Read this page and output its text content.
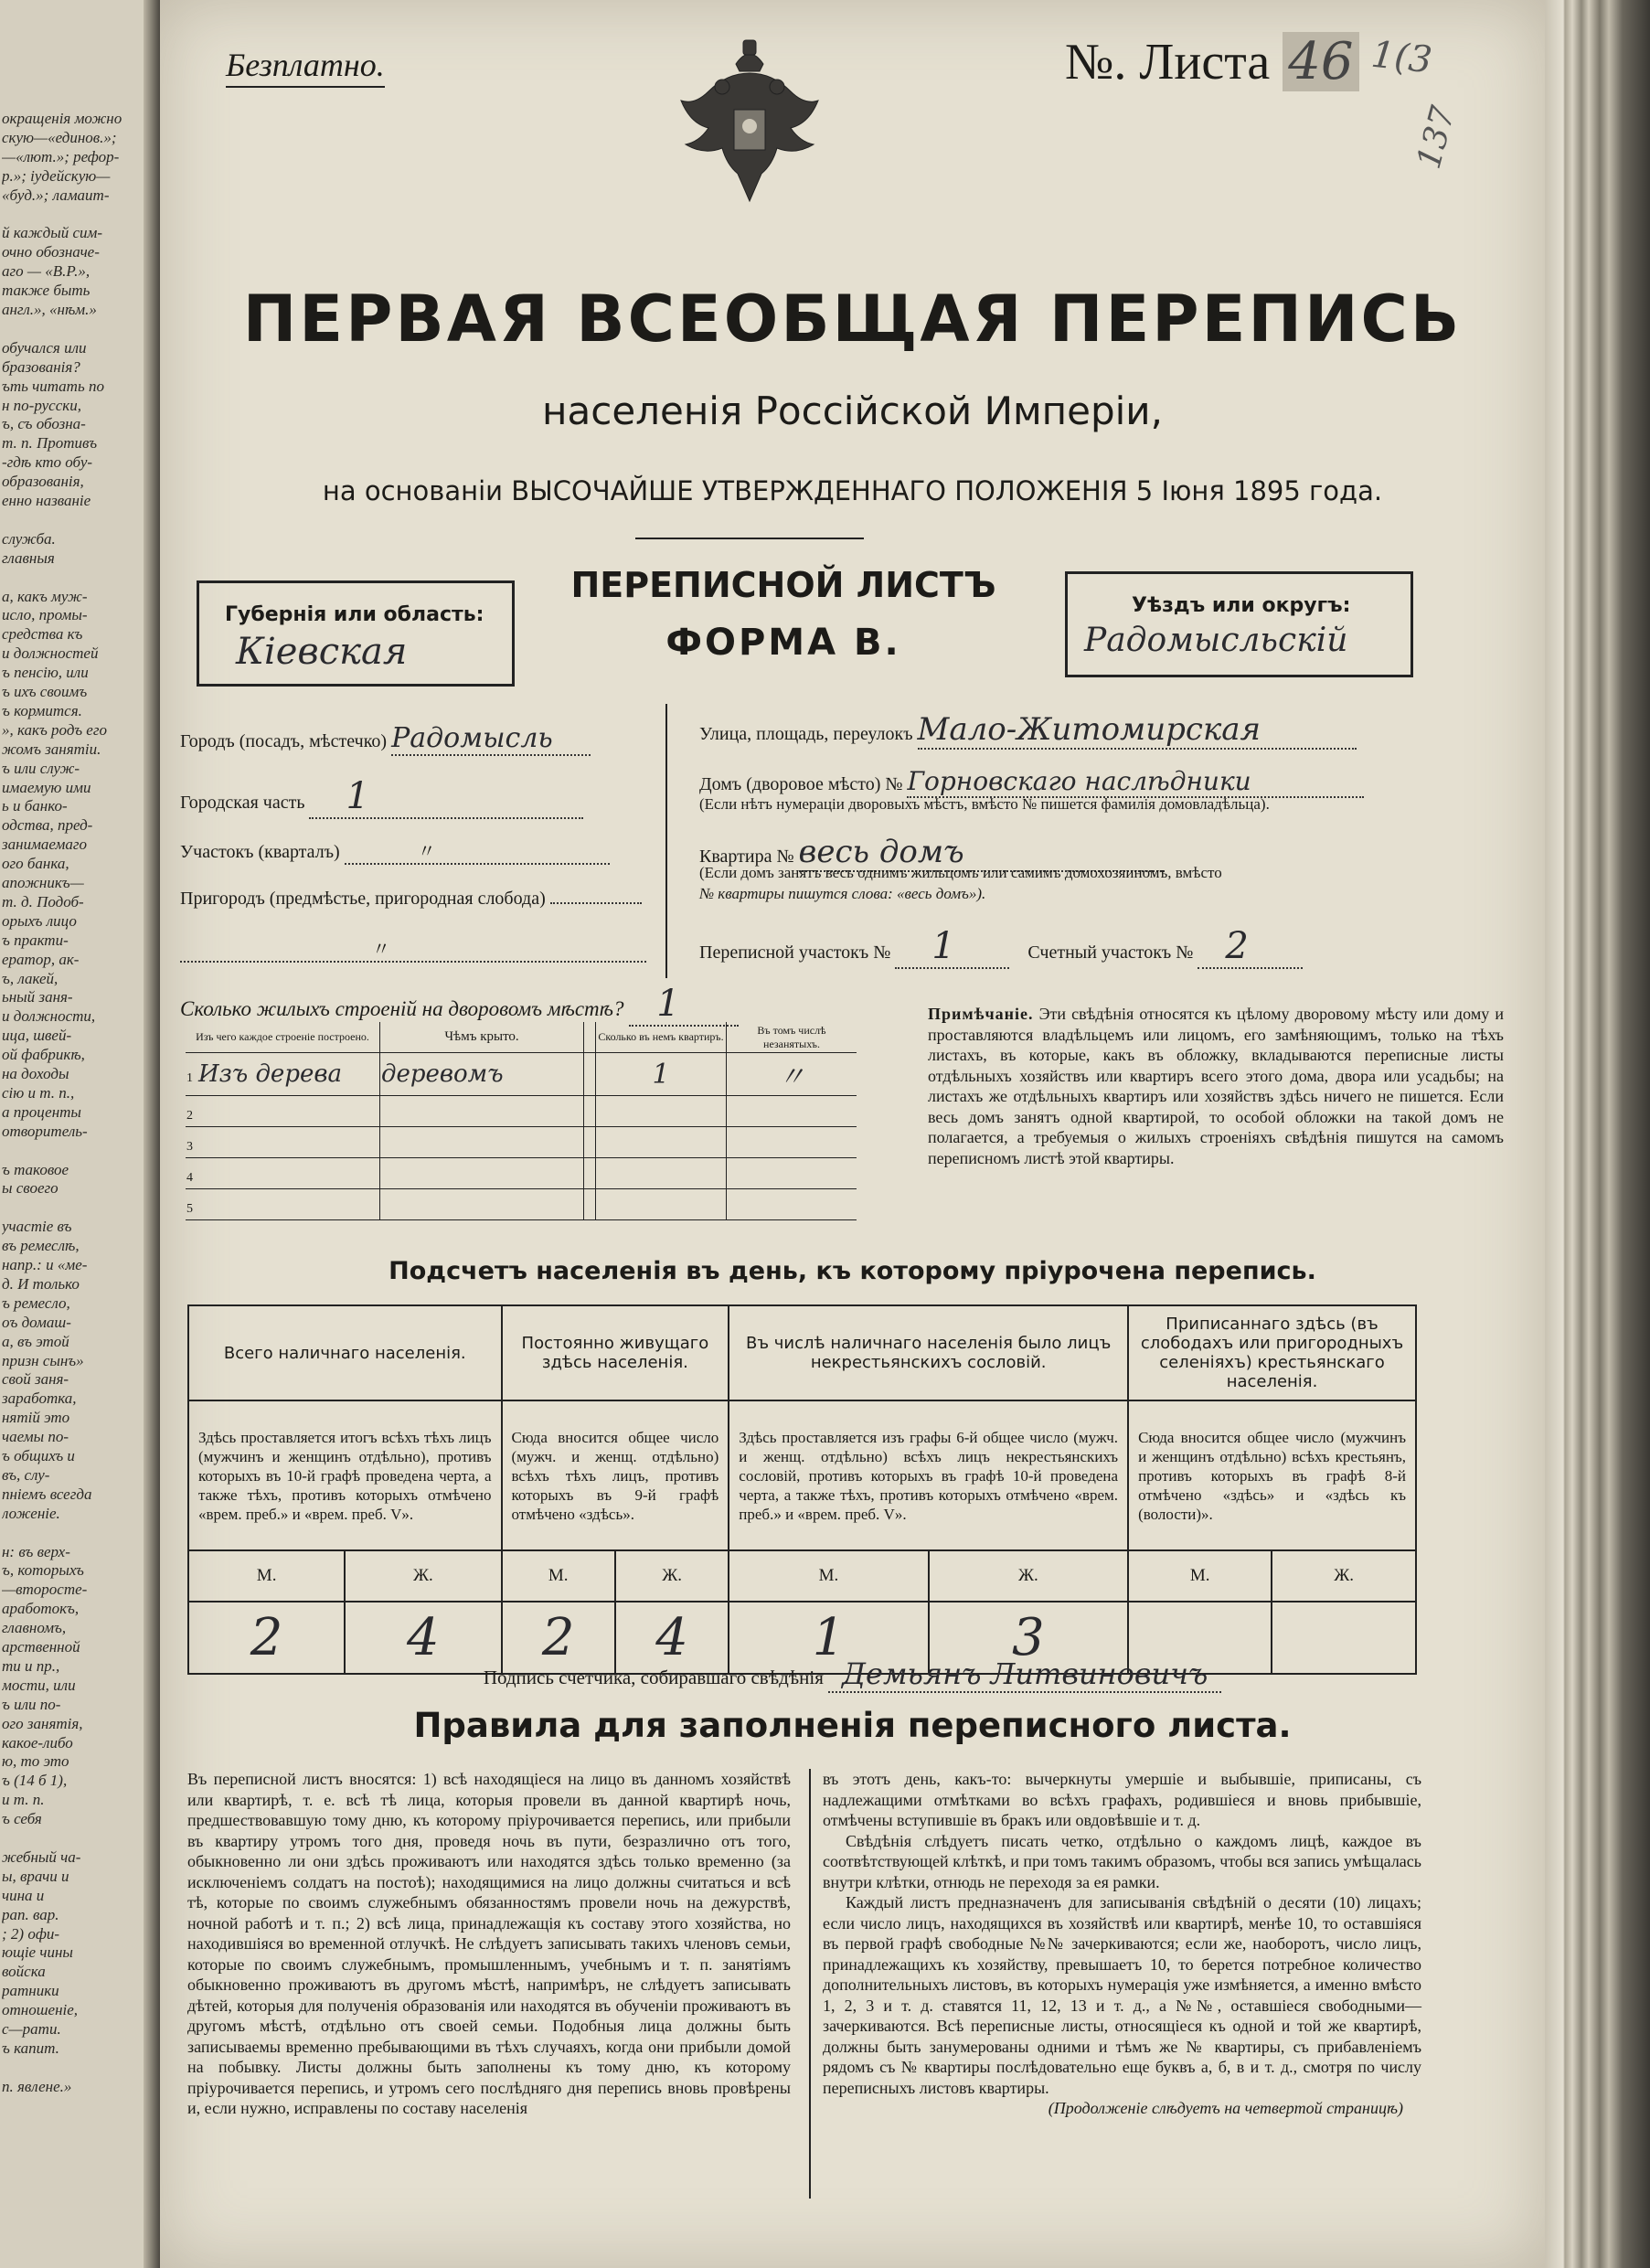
окращенія можно
скую—«единов.»;
—«лют.»; рефор-
р.»; іудейскую—
«буд.»; ламаит-
й каждый сим-
очно обозначе-
аго — «В.Р.»,
также быть
англ.», «нѣм.»
обучался или
бразованія?
ъть читать по
н по-русски,
ъ, съ обозна-
т. п. Противъ
-гдѣ кто обу-
образованія,
енно названіе
служба.
главныя
а, какъ муж-
исло, промы-
средства къ
и должностей
ъ пенсію, или
ъ ихъ своимъ
ъ кормится.
», какъ родъ его
жомъ занятіи.
ъ или служ-
имаемую ими
ь и банко-
одства, пред-
занимаемаго
ого банка,
апожникъ—
т. д. Подоб-
орыхъ лицо
ъ практи-
ератор, ак-
ъ, лакей,
ьный заня-
и должности,
ица, швей-
ой фабрикѣ,
на доходы
сію и т. п.,
а проценты
отворитель-
ъ таковое
ы своего
участіе въ
въ ремеслѣ,
напр.: и «ме-
д. И только
ъ ремесло,
оъ домаш-
а, въ этой
призн сынъ»
свой заня-
заработка,
нятій это
чаемы по-
ъ общихъ и
въ, слу-
пніемъ всегда
ложеніе.
н: въ верх-
ъ, которыхъ
—второсте-
аработокъ,
главномъ,
арственной
ти и пр.,
мости, или
ъ или по-
ого занятія,
какое-либо
ю, то это
ъ (14 б 1),
и т. п.
ъ себя
жебный ча-
ы, врачи и
чина и
рап. вар.
; 2) офи-
ющіе чины
войска
ратники
отношеніе,
с—рати.
ъ капит.
п. явлене.»
Безплатно.	№. Листа 46 1(3
137
ПЕРВАЯ ВСЕОБЩАЯ ПЕРЕПИСЬ
населенія Россійской Имперіи,
на основаніи ВЫСОЧАЙШЕ УТВЕРЖДЕННАГО ПОЛОЖЕНІЯ 5 Іюня 1895 года.
Губернія или область:
Кіевская
ПЕРЕПИСНОЙ ЛИСТЪ
ФОРМА В.
Уѣздъ или округъ:
Радомысльскій
Городъ (посадъ, мѣстечко) Радомысль
Городская часть 1
Участокъ (кварталъ)	〃
Пригородъ (предмѣстье, пригородная слобода)
〃
Улица, площадь, переулокъ Мало-Житомирская
Домъ (дворовое мѣсто) № Горновскаго наслѣдники
(Если нѣтъ нумераціи дворовыхъ мѣстъ, вмѣсто № пишется фамилія домовладѣльца).
Квартира № весь домъ
(Если домъ занятъ весь однимъ жильцомъ или самимъ домохозяиномъ, вмѣсто
№ квартиры пишутся слова: «весь домъ»).
Переписной участокъ № 1	Счетный участокъ № 2
Сколько жилыхъ строеній на дворовомъ мѣстѣ? 1
Изъ чего каждое строеніе построено.	Чѣмъ крыто.		Сколько въ немъ квартиръ.	Въ томъ числѣ незанятыхъ.
1 Изъ дерева	деревомъ		1	〃
2				
3				
4				
5				
Примѣчаніе. Эти свѣдѣнія относятся къ цѣлому дворовому мѣсту или дому и проставляются владѣльцемъ или лицомъ, его замѣняющимъ, только на тѣхъ листахъ, въ которые, какъ въ обложку, вкладываются переписные листы отдѣльныхъ хозяйствъ или квартиръ всего этого дома, двора или усадьбы; на листахъ же отдѣльныхъ квартиръ или хозяйствъ здѣсь ничего не пишется. Если весь домъ занятъ одной квартирой, то особой обложки на такой домъ не полагается, а требуемыя о жилыхъ строеніяхъ свѣдѣнія пишутся на самомъ переписномъ листѣ этой квартиры.
Подсчетъ населенія въ день, къ которому пріурочена перепись.
Всего наличнаго населенія.		Постоянно живущаго здѣсь населенія.		Въ числѣ наличнаго населенія было лицъ некрестьянскихъ сословій.		Приписаннаго здѣсь (въ слободахъ или пригородныхъ селеніяхъ) крестьянскаго населенія.	
Здѣсь проставляется итогъ всѣхъ тѣхъ лицъ (мужчинъ и женщинъ отдѣльно), противъ которыхъ въ 10-й графѣ проведена черта, а также тѣхъ, противъ которыхъ отмѣчено «врем. преб.» и «врем. преб. V».		Сюда вносится общее число (мужч. и женщ. отдѣльно) всѣхъ тѣхъ лицъ, противъ которыхъ въ 9-й графѣ отмѣчено «здѣсь».		Здѣсь проставляется изъ графы 6-й общее число (мужч. и женщ. отдѣльно) всѣхъ лицъ некрестьянскихъ сословій, противъ которыхъ въ графѣ 10-й проведена черта, а также тѣхъ, противъ которыхъ отмѣчено «врем. преб.» и «врем. преб. V».		Сюда вносится общее число (мужчинъ и женщинъ отдѣльно) всѣхъ крестьянъ, противъ которыхъ въ графѣ 8-й отмѣчено «здѣсь» и «здѣсь къ (волости)».	
М.	Ж.	М.	Ж.	М.	Ж.	М.	Ж.
2	4	2	4	1	3		
Подпись счетчика, собиравшаго свѣдѣнія Демьянъ Литвиновичъ
Правила для заполненія переписного листа.
Въ переписной листъ вносятся: 1) всѣ находящіеся на лицо въ данномъ хозяйствѣ или квартирѣ, т. е. всѣ тѣ лица, которыя провели въ данной квартирѣ ночь, предшествовавшую тому дню, къ которому пріурочивается перепись, или прибыли въ квартиру утромъ того дня, проведя ночь въ пути, безразлично отъ того, обыкновенно ли они здѣсь проживаютъ или находятся здѣсь только временно (за исключеніемъ солдатъ на постоѣ); находящимися на лицо должны считаться и всѣ тѣ, которые по своимъ служебнымъ обязанностямъ провели ночь на дежурствѣ, ночной работѣ и т. п.; 2) всѣ лица, принадлежащія къ составу этого хозяйства, но находившіяся во временной отлучкѣ. Не слѣдуетъ записывать такихъ членовъ семьи, которые по своимъ служебнымъ, промышленнымъ, учебнымъ и т. п. занятіямъ обыкновенно проживаютъ въ другомъ мѣстѣ, напримѣръ, не слѣдуетъ записывать дѣтей, которыя для полученія образованія или находятся въ обученіи проживаютъ въ другомъ мѣстѣ, отдѣльно отъ своей семьи. Подобныя лица должны быть записываемы временно пребывающими въ тѣхъ случаяхъ, когда они прибыли домой на побывку. Листы должны быть заполнены къ тому дню, къ которому пріурочивается перепись, и утромъ сего послѣдняго дня перепись вновь провѣрены и, если нужно, исправлены по составу населенія
въ этотъ день, какъ-то: вычеркнуты умершіе и выбывшіе, приписаны, съ надлежащими отмѣтками во всѣхъ графахъ, родившіеся и вновь прибывшіе, отмѣчены вступившіе въ бракъ или овдовѣвшіе и т. д.
Свѣдѣнія слѣдуетъ писать четко, отдѣльно о каждомъ лицѣ, каждое въ соотвѣтствующей клѣткѣ, и при томъ такимъ образомъ, чтобы вся запись умѣщалась внутри клѣтки, отнюдь не переходя за ея рамки.
Каждый листъ предназначенъ для записыванія свѣдѣній о десяти (10) лицахъ; если число лицъ, находящихся въ хозяйствѣ или квартирѣ, менѣе 10, то оставшіяся въ первой графѣ свободные №№ зачеркиваются; если же, наоборотъ, число лицъ, принадлежащихъ къ хозяйству, превышаетъ 10, то берется потребное количество дополнительныхъ листовъ, въ которыхъ нумерація уже измѣняется, а именно вмѣсто 1, 2, 3 и т. д. ставятся 11, 12, 13 и т. д., а №№, оставшіеся свободными—зачеркиваются. Всѣ переписные листы, относящіеся къ одной и той же квартирѣ, должны быть занумерованы одними и тѣмъ же № квартиры, съ прибавленіемъ рядомъ съ № квартиры послѣдовательно еще буквъ а, б, в и т. д., смотря по числу переписныхъ листовъ квартиры.
(Продолженіе слѣдуетъ на четвертой страницѣ)
